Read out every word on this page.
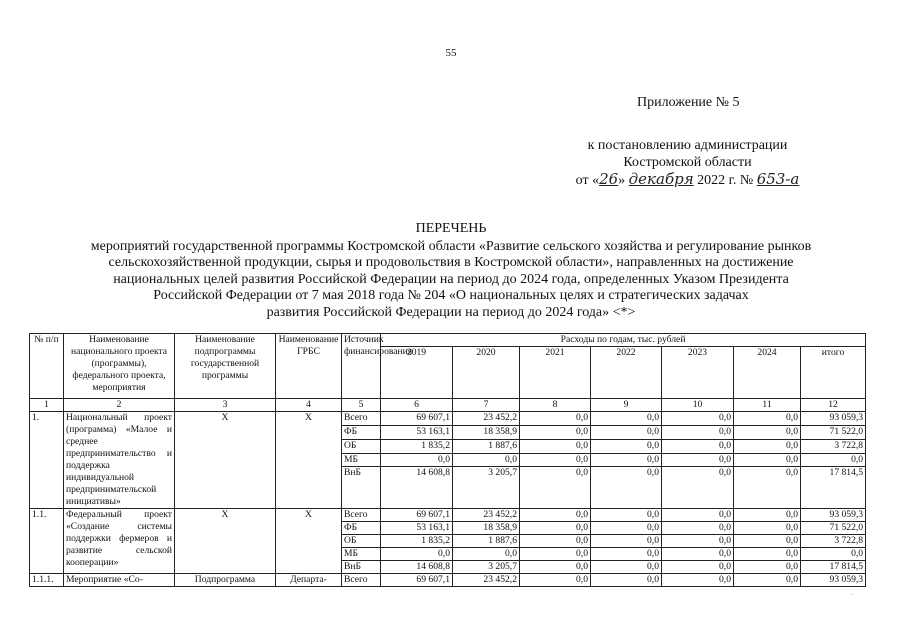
55
Приложение № 5
к постановлению администрации
Костромской области
от «26» декабря 2022 г. № 653-а
ПЕРЕЧЕНЬ
мероприятий государственной программы Костромской области «Развитие сельского хозяйства и регулирование рынков
сельскохозяйственной продукции, сырья и продовольствия в Костромской области», направленных на достижение
национальных целей развития Российской Федерации на период до 2024 года, определенных Указом Президента
Российской Федерации от 7 мая 2018 года № 204 «О национальных целях и стратегических задачах
развития Российской Федерации на период до 2024 года» <*>
№ п/п	Наименование национального проекта (программы), федерального проекта, мероприятия	Наименование подпрограммы государственной программы	Наименование ГРБС	Источник финансирования	Расходы по годам, тыс. рублей						
					2019	2020	2021	2022	2023	2024	итого
1	2	3	4	5	6	7	8	9	10	11	12
1.	Национальный проект (программа) «Малое и среднее предпринимательство и поддержка индивидуальной предпринимательской инициативы»	Х	Х	Всего	69 607,1	23 452,2	0,0	0,0	0,0	0,0	93 059,3
				ФБ	53 163,1	18 358,9	0,0	0,0	0,0	0,0	71 522,0
				ОБ	1 835,2	1 887,6	0,0	0,0	0,0	0,0	3 722,8
				МБ	0,0	0,0	0,0	0,0	0,0	0,0	0,0
				ВнБ	14 608,8	3 205,7	0,0	0,0	0,0	0,0	17 814,5
1.1.	Федеральный проект «Создание системы поддержки фермеров и развитие сельской кооперации»	Х	Х	Всего	69 607,1	23 452,2	0,0	0,0	0,0	0,0	93 059,3
				ФБ	53 163,1	18 358,9	0,0	0,0	0,0	0,0	71 522,0
				ОБ	1 835,2	1 887,6	0,0	0,0	0,0	0,0	3 722,8
				МБ	0,0	0,0	0,0	0,0	0,0	0,0	0,0
				ВнБ	14 608,8	3 205,7	0,0	0,0	0,0	0,0	17 814,5
1.1.1.	Мероприятие «Со-	Подпрограмма	Департа-	Всего	69 607,1	23 452,2	0,0	0,0	0,0	0,0	93 059,3
·
